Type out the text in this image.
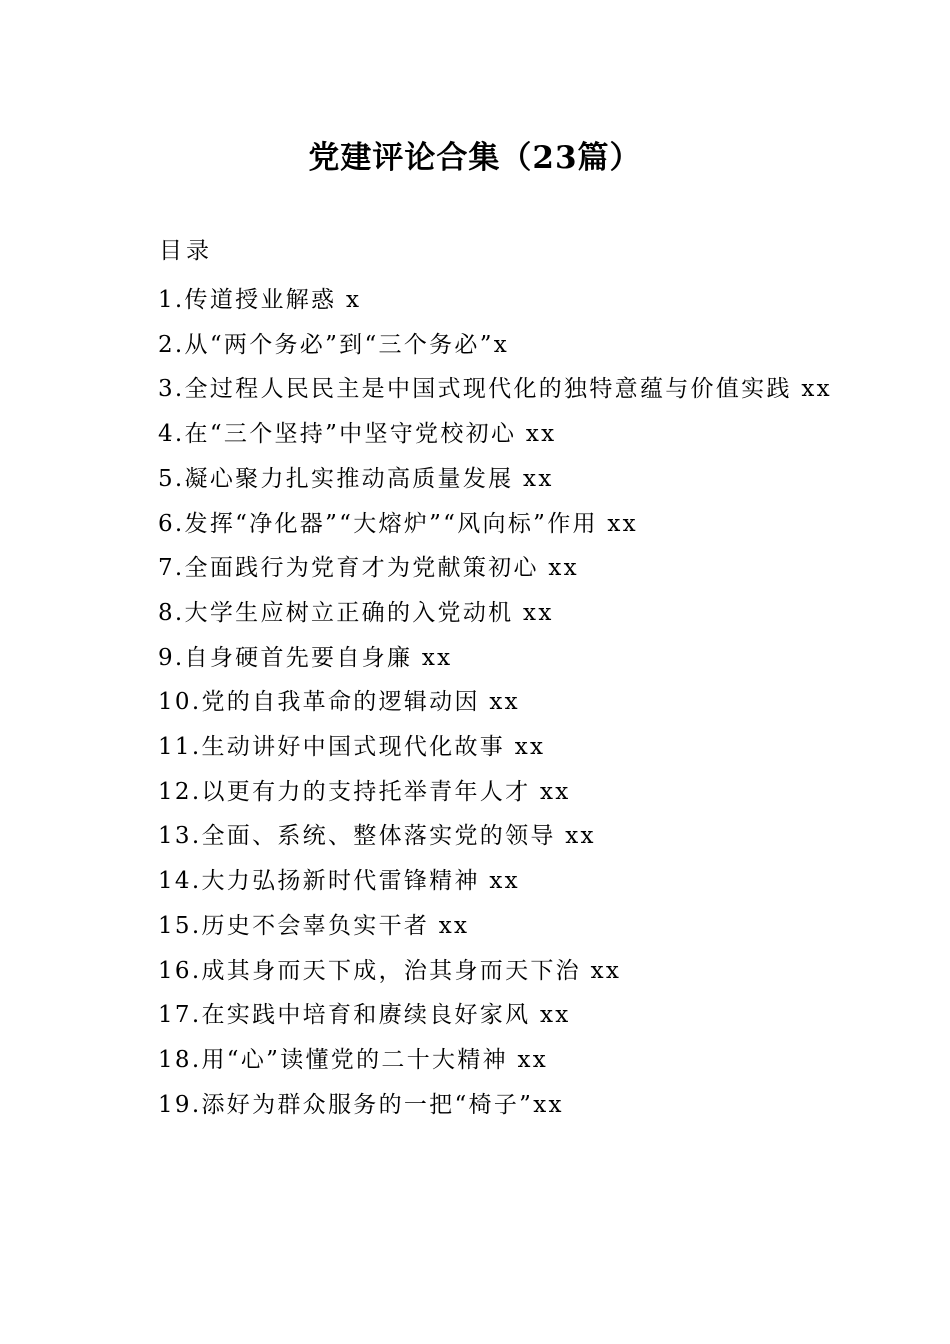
党建评论合集（23篇）
目录
1.传道授业解惑 x
2.从“两个务必”到“三个务必”x
3.全过程人民民主是中国式现代化的独特意蕴与价值实践 xx
4.在“三个坚持”中坚守党校初心 xx
5.凝心聚力扎实推动高质量发展 xx
6.发挥“净化器”“大熔炉”“风向标”作用 xx
7.全面践行为党育才为党献策初心 xx
8.大学生应树立正确的入党动机 xx
9.自身硬首先要自身廉 xx
10.党的自我革命的逻辑动因 xx
11.生动讲好中国式现代化故事 xx
12.以更有力的支持托举青年人才 xx
13.全面、系统、整体落实党的领导 xx
14.大力弘扬新时代雷锋精神 xx
15.历史不会辜负实干者 xx
16.成其身而天下成，治其身而天下治 xx
17.在实践中培育和赓续良好家风 xx
18.用“心”读懂党的二十大精神 xx
19.添好为群众服务的一把“椅子”xx
